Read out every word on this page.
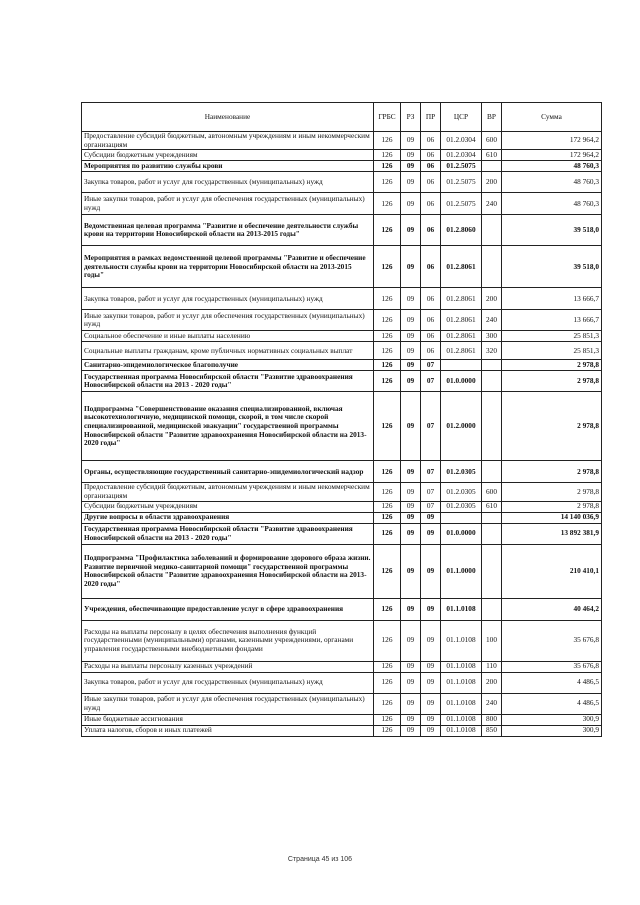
Наименование	ГРБС	РЗ	ПР	ЦСР	ВР	Сумма
Предоставление субсидий бюджетным, автономным учреждениям и иным некоммерческим организациям	126	09	06	01.2.0304	600	172 964,2
Субсидии бюджетным учреждениям	126	09	06	01.2.0304	610	172 964,2
Мероприятия по развитию службы крови	126	09	06	01.2.5075		48 760,3
Закупка товаров, работ и услуг для государственных (муниципальных) нужд	126	09	06	01.2.5075	200	48 760,3
Иные закупки товаров, работ и услуг для обеспечения государственных (муниципальных) нужд	126	09	06	01.2.5075	240	48 760,3
Ведомственная целевая программа "Развитие и обеспечение деятельности службы крови на территории Новосибирской области на 2013-2015 годы"	126	09	06	01.2.8060		39 518,0
Мероприятия в рамках ведомственной целевой программы "Развитие и обеспечение деятельности службы крови на территории Новосибирской области на 2013-2015 годы"	126	09	06	01.2.8061		39 518,0
Закупка товаров, работ и услуг для государственных (муниципальных) нужд	126	09	06	01.2.8061	200	13 666,7
Иные закупки товаров, работ и услуг для обеспечения государственных (муниципальных) нужд	126	09	06	01.2.8061	240	13 666,7
Социальное обеспечение и иные выплаты населению	126	09	06	01.2.8061	300	25 851,3
Социальные выплаты гражданам, кроме публичных нормативных социальных выплат	126	09	06	01.2.8061	320	25 851,3
Санитарно-эпидемиологическое благополучие	126	09	07			2 978,8
Государственная программа Новосибирской области "Развитие здравоохранения Новосибирской области на 2013 - 2020 годы"	126	09	07	01.0.0000		2 978,8
Подпрограмма "Совершенствование оказания специализированной, включая высокотехнологичную, медицинской помощи, скорой, в том числе скорой специализированной, медицинской эвакуации" государственной программы Новосибирской области "Развитие здравоохранения Новосибирской области на 2013-2020 годы"	126	09	07	01.2.0000		2 978,8
Органы, осуществляющие государственный санитарно-эпидемиологический надзор	126	09	07	01.2.0305		2 978,8
Предоставление субсидий бюджетным, автономным учреждениям и иным некоммерческим организациям	126	09	07	01.2.0305	600	2 978,8
Субсидии бюджетным учреждениям	126	09	07	01.2.0305	610	2 978,8
Другие вопросы в области здравоохранения	126	09	09			14 140 036,9
Государственная программа Новосибирской области "Развитие здравоохранения Новосибирской области на 2013 - 2020 годы"	126	09	09	01.0.0000		13 892 381,9
Подпрограмма "Профилактика заболеваний и формирование здорового образа жизни. Развитие первичной медико-санитарной помощи" государственной программы Новосибирской области "Развитие здравоохранения Новосибирской области на 2013-2020 годы"	126	09	09	01.1.0000		210 410,1
Учреждения, обеспечивающие предоставление услуг в сфере здравоохранения	126	09	09	01.1.0108		40 464,2
Расходы на выплаты персоналу в целях обеспечения выполнения функций государственными (муниципальными) органами, казенными учреждениями, органами управления государственными внебюджетными фондами	126	09	09	01.1.0108	100	35 676,8
Расходы на выплаты персоналу казенных учреждений	126	09	09	01.1.0108	110	35 676,8
Закупка товаров, работ и услуг для государственных (муниципальных) нужд	126	09	09	01.1.0108	200	4 486,5
Иные закупки товаров, работ и услуг для обеспечения государственных (муниципальных) нужд	126	09	09	01.1.0108	240	4 486,5
Иные бюджетные ассигнования	126	09	09	01.1.0108	800	300,9
Уплата налогов, сборов и иных платежей	126	09	09	01.1.0108	850	300,9
Страница 45 из 106
